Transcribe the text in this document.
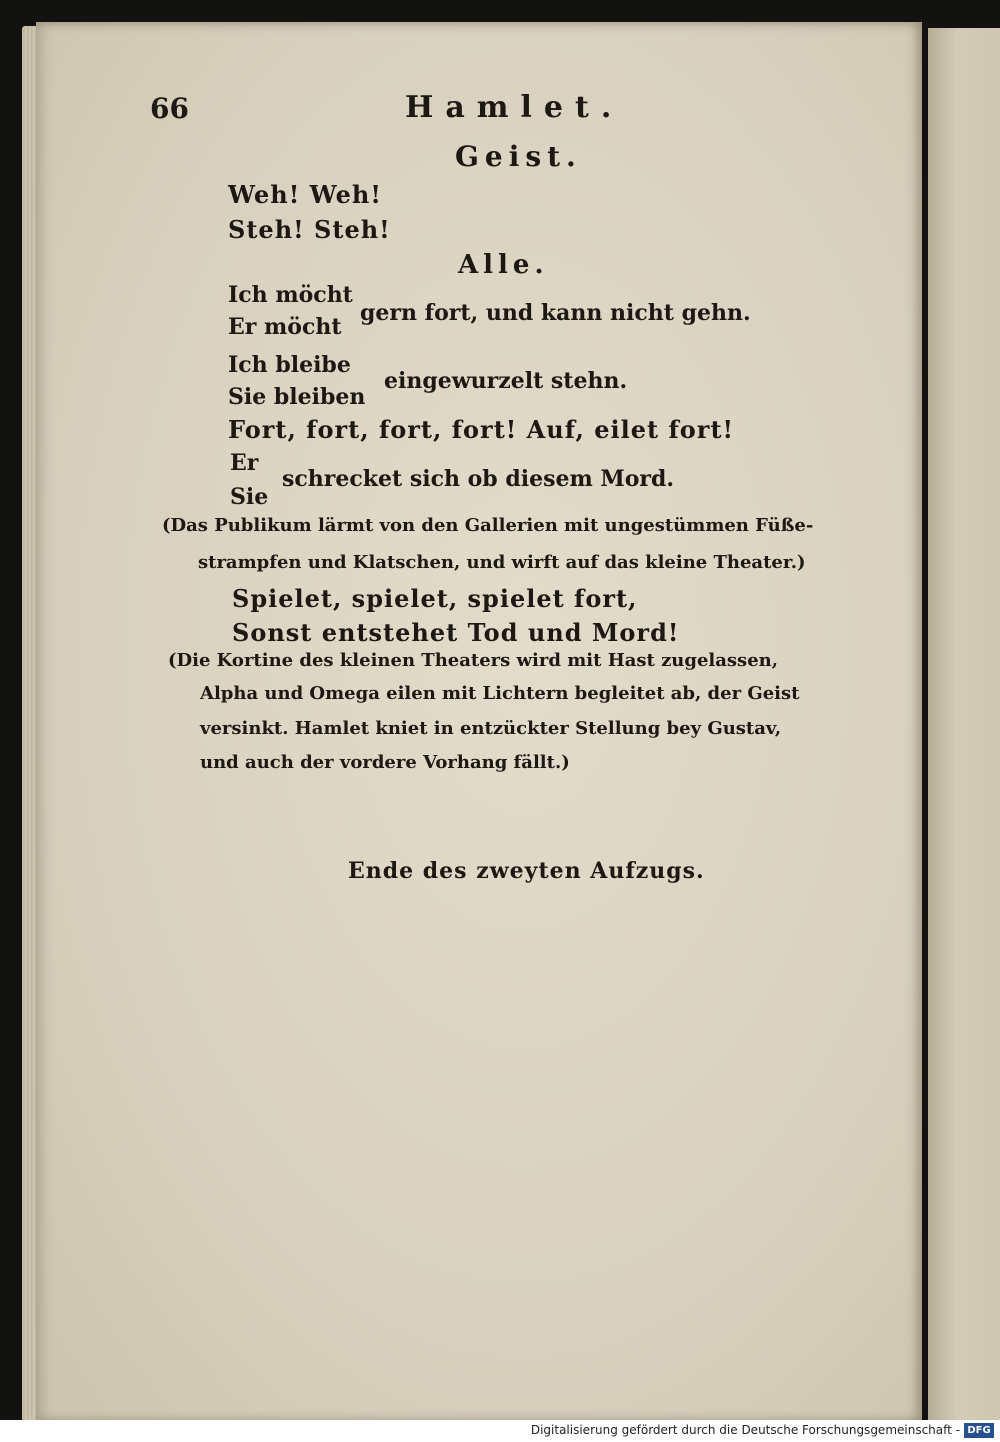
66	Hamlet.
Geist.
Weh! Weh!
Steh! Steh!
Alle.
Ich möcht
Er möcht
gern fort, und kann nicht gehn.
Ich bleibe
Sie bleiben
eingewurzelt stehn.
Fort, fort, fort, fort! Auf, eilet fort!
Er
Sie
schrecket sich ob diesem Mord.
(Das Publikum lärmt von den Gallerien mit ungestümmen Füße-
strampfen und Klatschen, und wirft auf das kleine Theater.)
Spielet, spielet, spielet fort,
Sonst entstehet Tod und Mord!
(Die Kortine des kleinen Theaters wird mit Hast zugelassen,
Alpha und Omega eilen mit Lichtern begleitet ab, der Geist
versinkt. Hamlet kniet in entzückter Stellung bey Gustav,
und auch der vordere Vorhang fällt.)
Ende des zweyten Aufzugs.
Digitalisierung gefördert durch die Deutsche Forschungsgemeinschaft - DFG
